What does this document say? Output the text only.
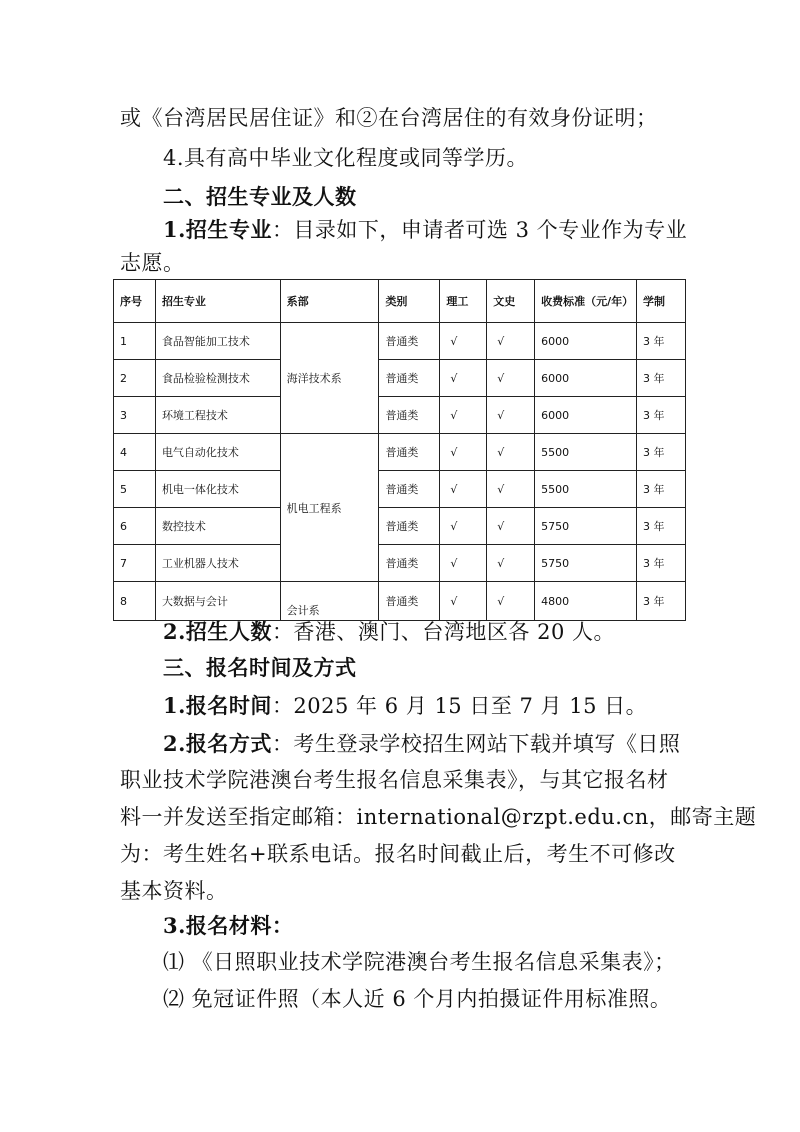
或《台湾居民居住证》和②在台湾居住的有效身份证明；
4.具有高中毕业文化程度或同等学历。
二、招生专业及人数
1.招生专业：目录如下，申请者可选 3 个专业作为专业
志愿。
序号	招生专业	系部	类别	理工	文史	收费标准（元/年）	学制
1	食品智能加工技术	海洋技术系	普通类	√	√	6000	3 年
2	食品检验检测技术		普通类	√	√	6000	3 年
3	环境工程技术		普通类	√	√	6000	3 年
4	电气自动化技术	机电工程系	普通类	√	√	5500	3 年
5	机电一体化技术		普通类	√	√	5500	3 年
6	数控技术		普通类	√	√	5750	3 年
7	工业机器人技术		普通类	√	√	5750	3 年
8	大数据与会计	会计系	普通类	√	√	4800	3 年
2.招生人数：香港、澳门、台湾地区各 20 人。
三、报名时间及方式
1.报名时间：2025 年 6 月 15 日至 7 月 15 日。
2.报名方式：考生登录学校招生网站下载并填写《日照
职业技术学院港澳台考生报名信息采集表》，与其它报名材
料一并发送至指定邮箱：international@rzpt.edu.cn，邮寄主题
为：考生姓名+联系电话。报名时间截止后，考生不可修改
基本资料。
3.报名材料：
⑴ 《日照职业技术学院港澳台考生报名信息采集表》；
⑵ 免冠证件照（本人近 6 个月内拍摄证件用标准照。
